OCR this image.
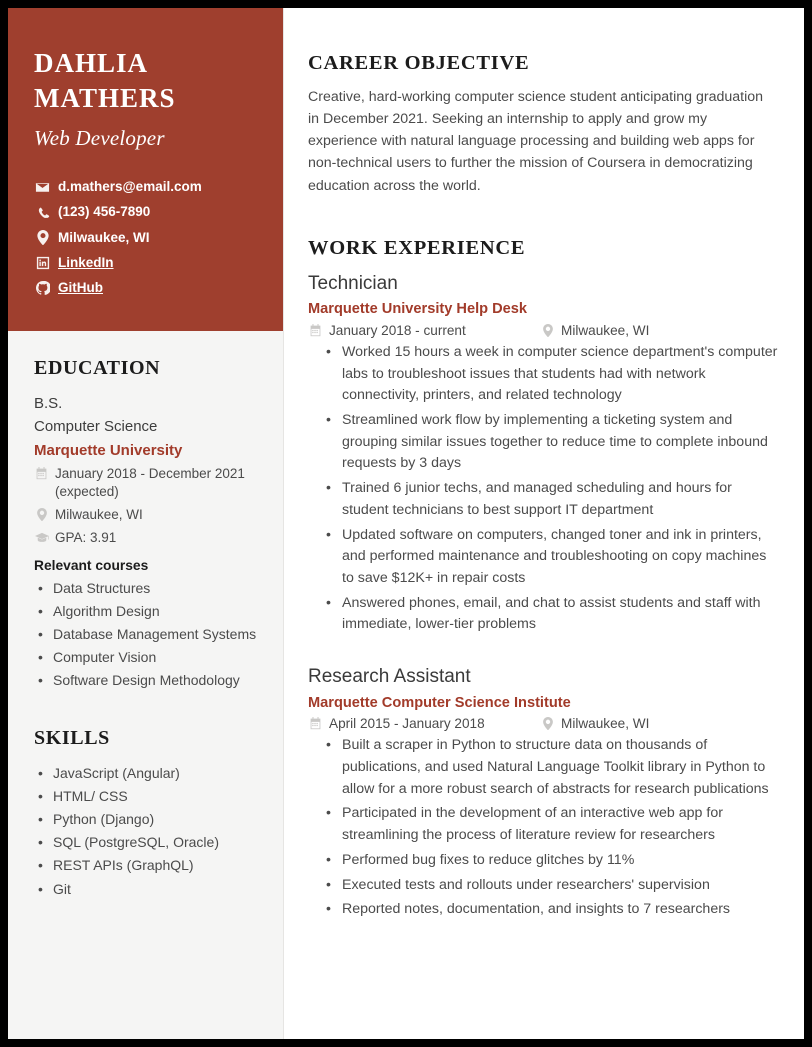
DAHLIA
MATHERS
Web Developer
d.mathers@email.com
(123) 456-7890
Milwaukee, WI
LinkedIn
GitHub
EDUCATION
B.S.
Computer Science
Marquette University
January 2018 - December 2021 (expected)
Milwaukee, WI
GPA: 3.91
Relevant courses
• Data Structures
• Algorithm Design
• Database Management Systems
• Computer Vision
• Software Design Methodology
SKILLS
• JavaScript (Angular)
• HTML/ CSS
• Python (Django)
• SQL (PostgreSQL, Oracle)
• REST APIs (GraphQL)
• Git
CAREER OBJECTIVE

Creative, hard-working computer science student anticipating graduation in December 2021. Seeking an internship to apply and grow my experience with natural language processing and building web apps for non-technical users to further the mission of Coursera in democratizing education across the world.

WORK EXPERIENCE
Technician
Marquette University Help Desk
January 2018 - current	Milwaukee, WI
• Worked 15 hours a week in computer science department's computer labs to troubleshoot issues that students had with network connectivity, printers, and related technology
• Streamlined work flow by implementing a ticketing system and grouping similar issues together to reduce time to complete inbound requests by 3 days
• Trained 6 junior techs, and managed scheduling and hours for student technicians to best support IT department
• Updated software on computers, changed toner and ink in printers, and performed maintenance and troubleshooting on copy machines to save $12K+ in repair costs
• Answered phones, email, and chat to assist students and staff with immediate, lower-tier problems
Research Assistant
Marquette Computer Science Institute
April 2015 - January 2018	Milwaukee, WI
• Built a scraper in Python to structure data on thousands of publications, and used Natural Language Toolkit library in Python to allow for a more robust search of abstracts for research publications
• Participated in the development of an interactive web app for streamlining the process of literature review for researchers
• Performed bug fixes to reduce glitches by 11%
• Executed tests and rollouts under researchers' supervision
• Reported notes, documentation, and insights to 7 researchers
